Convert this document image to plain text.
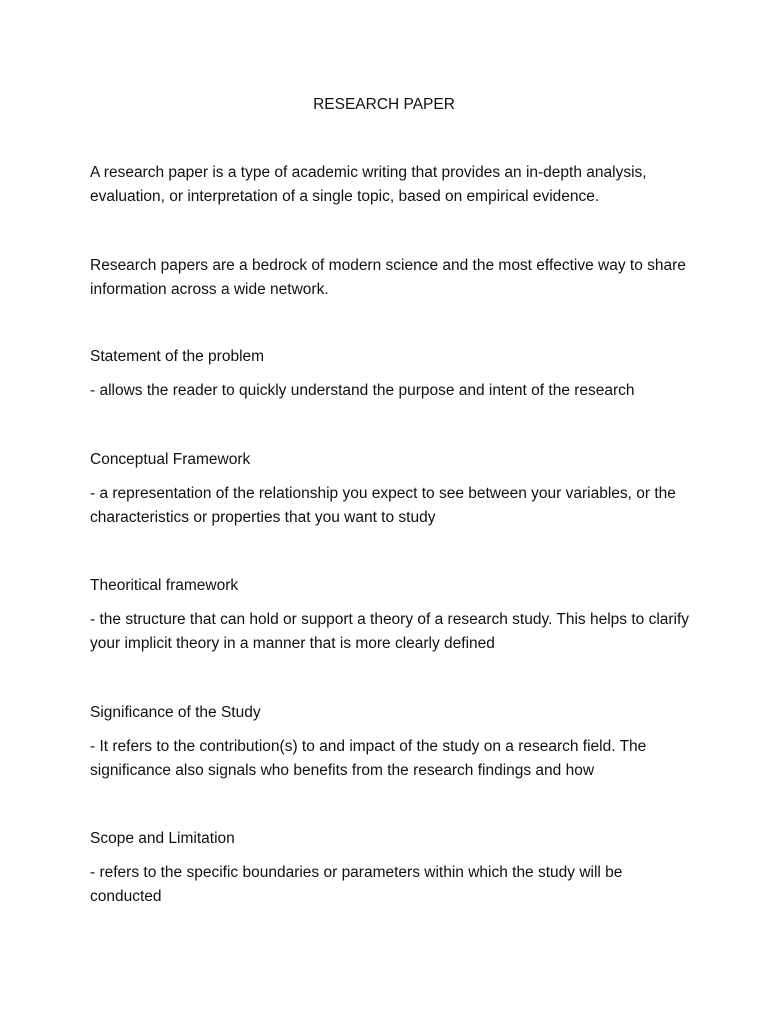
RESEARCH PAPER

A research paper is a type of academic writing that provides an in-depth analysis, evaluation, or interpretation of a single topic, based on empirical evidence.

Research papers are a bedrock of modern science and the most effective way to share information across a wide network.

Statement of the problem

- allows the reader to quickly understand the purpose and intent of the research

Conceptual Framework

- a representation of the relationship you expect to see between your variables, or the characteristics or properties that you want to study

Theoritical framework

- the structure that can hold or support a theory of a research study. This helps to clarify your implicit theory in a manner that is more clearly defined

Significance of the Study

- It refers to the contribution(s) to and impact of the study on a research field. The significance also signals who benefits from the research findings and how

Scope and Limitation

- refers to the specific boundaries or parameters within which the study will be conducted
